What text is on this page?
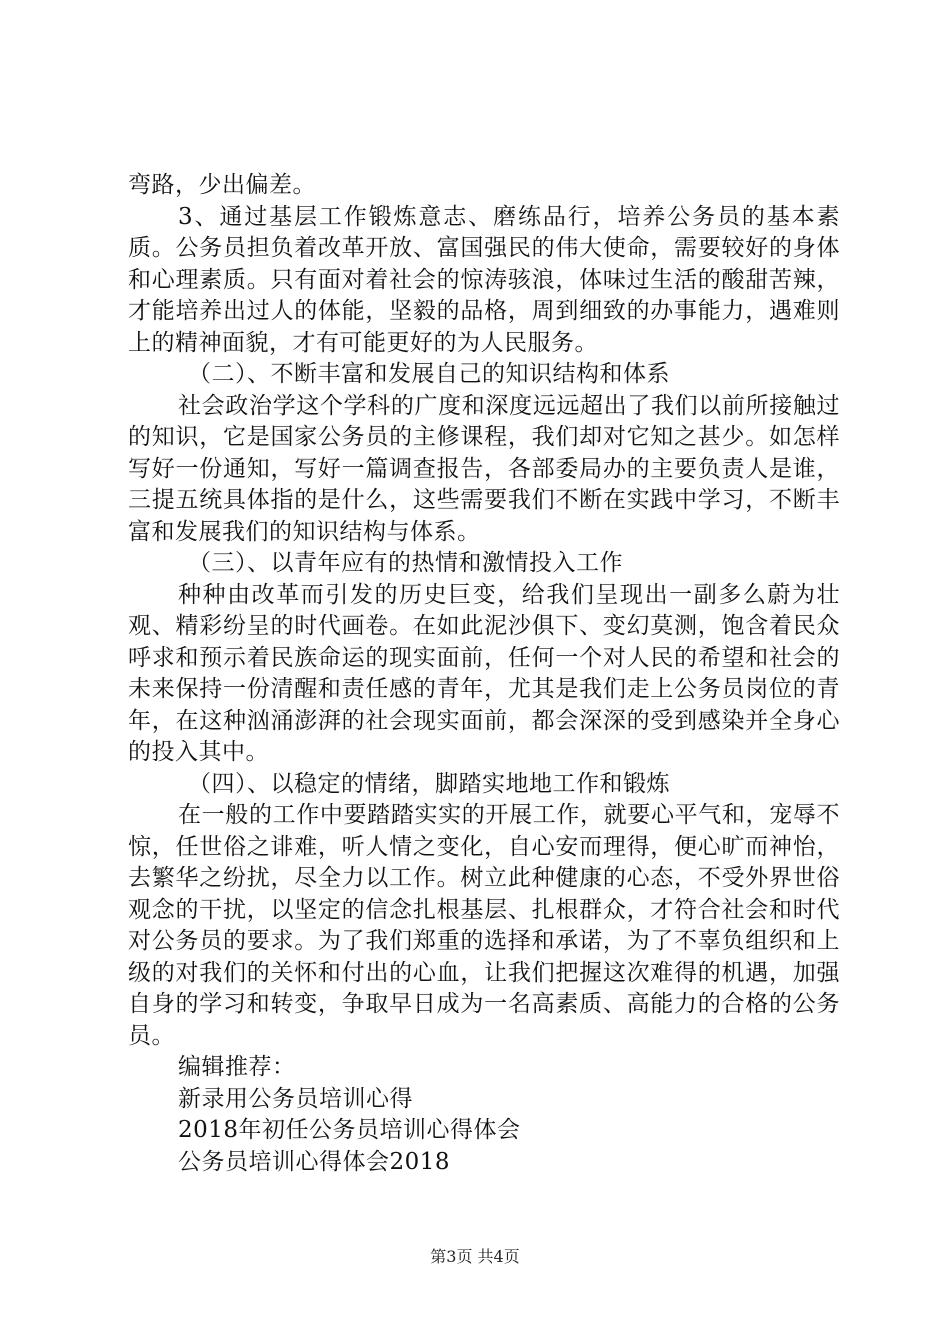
弯路，少出偏差。

3、通过基层工作锻炼意志、磨练品行，培养公务员的基本素质。公务员担负着改革开放、富国强民的伟大使命，需要较好的身体和心理素质。只有面对着社会的惊涛骇浪，体味过生活的酸甜苦辣，才能培养出过人的体能，坚毅的品格，周到细致的办事能力，遇难则上的精神面貌，才有可能更好的为人民服务。

（二）、不断丰富和发展自己的知识结构和体系

社会政治学这个学科的广度和深度远远超出了我们以前所接触过的知识，它是国家公务员的主修课程，我们却对它知之甚少。如怎样写好一份通知，写好一篇调查报告，各部委局办的主要负责人是谁，三提五统具体指的是什么，这些需要我们不断在实践中学习，不断丰富和发展我们的知识结构与体系。

（三）、以青年应有的热情和激情投入工作

种种由改革而引发的历史巨变，给我们呈现出一副多么蔚为壮观、精彩纷呈的时代画卷。在如此泥沙俱下、变幻莫测，饱含着民众呼求和预示着民族命运的现实面前，任何一个对人民的希望和社会的未来保持一份清醒和责任感的青年，尤其是我们走上公务员岗位的青年，在这种汹涌澎湃的社会现实面前，都会深深的受到感染并全身心的投入其中。

（四）、以稳定的情绪，脚踏实地地工作和锻炼

在一般的工作中要踏踏实实的开展工作，就要心平气和，宠辱不惊，任世俗之诽难，听人情之变化，自心安而理得，便心旷而神怡，去繁华之纷扰，尽全力以工作。树立此种健康的心态，不受外界世俗观念的干扰，以坚定的信念扎根基层、扎根群众，才符合社会和时代对公务员的要求。为了我们郑重的选择和承诺，为了不辜负组织和上级的对我们的关怀和付出的心血，让我们把握这次难得的机遇，加强自身的学习和转变，争取早日成为一名高素质、高能力的合格的公务员。

编辑推荐：

新录用公务员培训心得

2018年初任公务员培训心得体会

公务员培训心得体会2018

第3页 共4页
